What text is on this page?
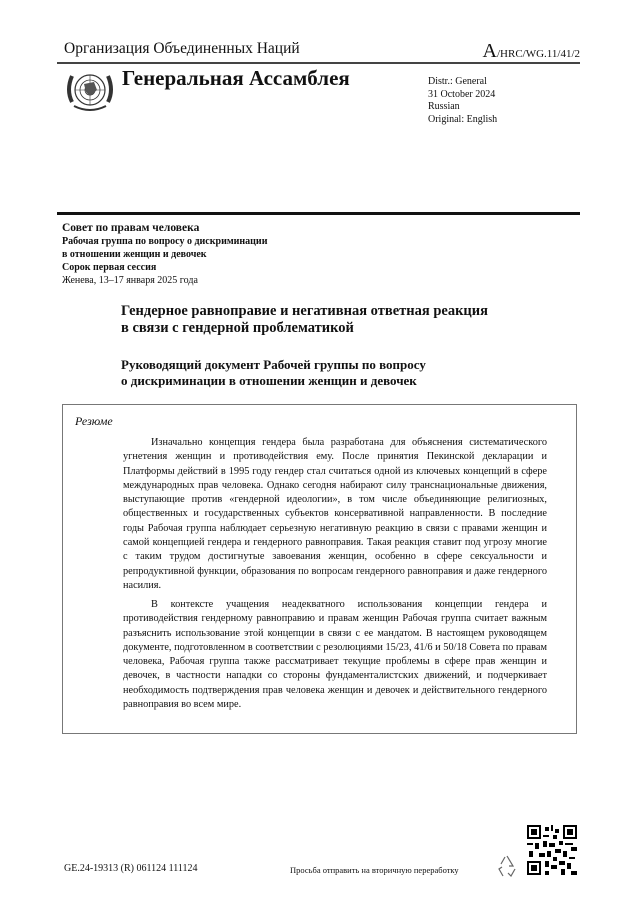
Организация Объединенных Наций	A/HRC/WG.11/41/2
Генеральная Ассамблея	Distr.: General
31 October 2024
Russian
Original: English
Совет по правам человека
Рабочая группа по вопросу о дискриминации
в отношении женщин и девочек
Сорок первая сессия
Женева, 13–17 января 2025 года
Гендерное равноправие и негативная ответная реакция
в связи с гендерной проблематикой
Руководящий документ Рабочей группы по вопросу
о дискриминации в отношении женщин и девочек
Резюме
Изначально концепция гендера была разработана для объяснения систематического угнетения женщин и противодействия ему. После принятия Пекинской декларации и Платформы действий в 1995 году гендер стал считаться одной из ключевых концепций в сфере международных прав человека. Однако сегодня набирают силу транснациональные движения, выступающие против «гендерной идеологии», в том числе объединяющие религиозных, общественных и государственных субъектов консервативной направленности. В последние годы Рабочая группа наблюдает серьезную негативную реакцию в связи с правами женщин и самой концепцией гендера и гендерного равноправия. Такая реакция ставит под угрозу многие с таким трудом достигнутые завоевания женщин, особенно в сфере сексуальности и репродуктивной функции, образования по вопросам гендерного равноправия и даже гендерного насилия.
В контексте учащения неадекватного использования концепции гендера и противодействия гендерному равноправию и правам женщин Рабочая группа считает важным разъяснить использование этой концепции в связи с ее мандатом. В настоящем руководящем документе, подготовленном в соответствии с резолюциями 15/23, 41/6 и 50/18 Совета по правам человека, Рабочая группа также рассматривает текущие проблемы в сфере прав женщин и девочек, в частности нападки со стороны фундаменталистских движений, и подчеркивает необходимость подтверждения прав человека женщин и девочек и действительного гендерного равноправия во всем мире.
GE.24-19313 (R) 061124 111124	Просьба отправить на вторичную переработку
